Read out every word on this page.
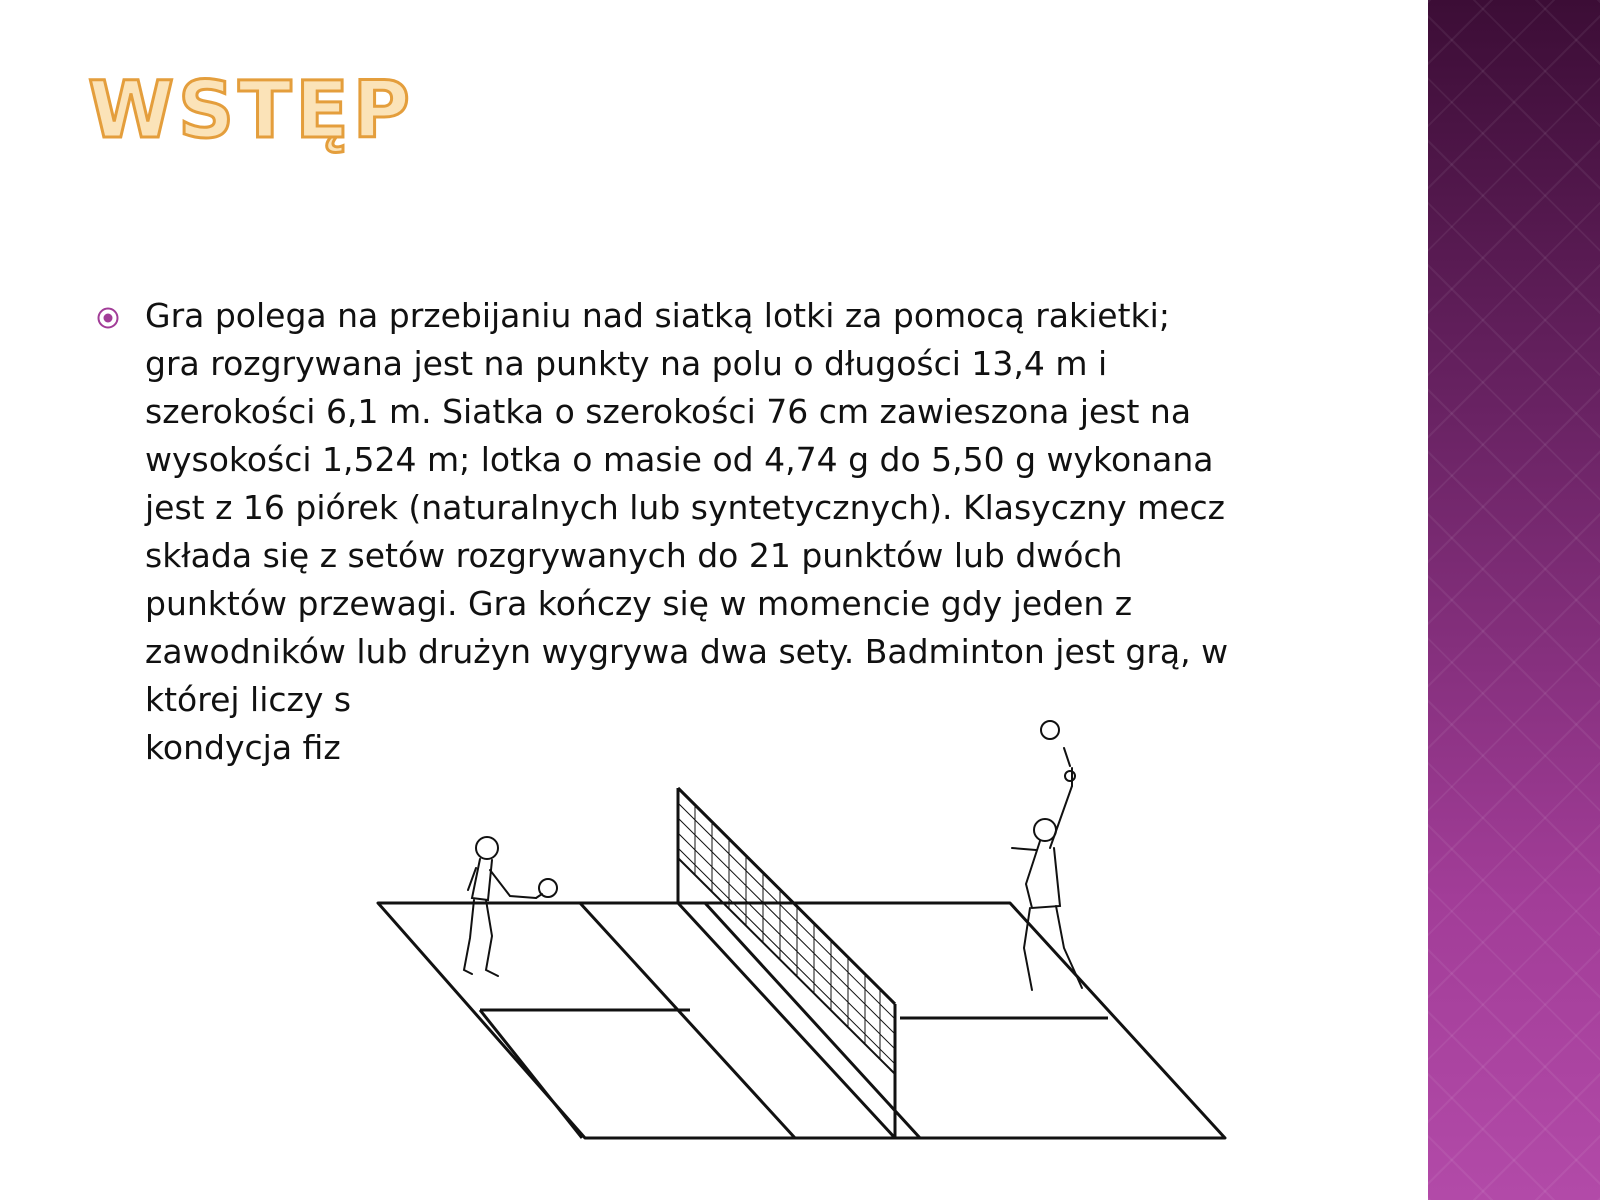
WSTĘP

Gra polega na przebijaniu nad siatką lotki za pomocą rakietki;
gra rozgrywana jest na punkty na polu o długości 13,4 m i
szerokości 6,1 m. Siatka o szerokości 76 cm zawieszona jest na
wysokości 1,524 m; lotka o masie od 4,74 g do 5,50 g wykonana
jest z 16 piórek (naturalnych lub syntetycznych). Klasyczny mecz
składa się z setów rozgrywanych do 21 punktów lub dwóch
punktów przewagi. Gra kończy się w momencie gdy jeden z
zawodników lub drużyn wygrywa dwa sety. Badminton jest grą, w
której liczy s
kondycja fiz
